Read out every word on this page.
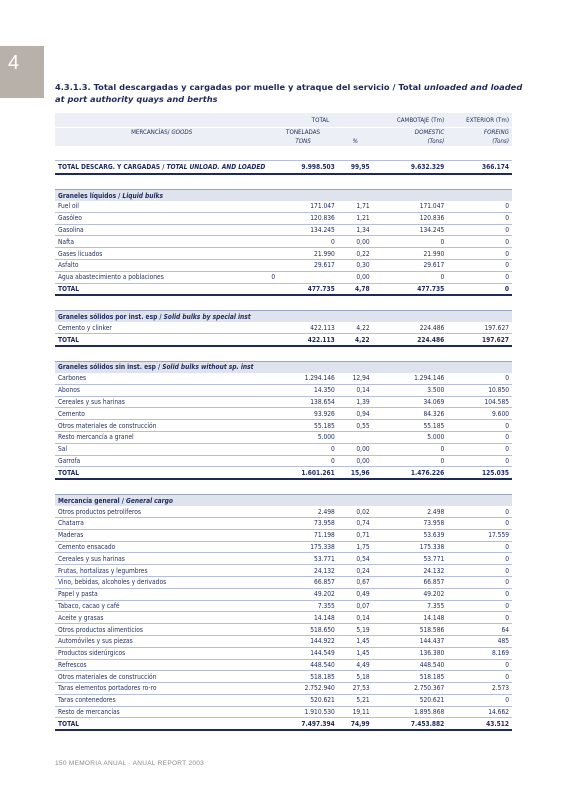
4

4.3.1.3. Total descargadas y cargadas por muelle y atraque del servicio / Total unloaded and loaded at port authority quays and berths

	TOTAL		CAMBOTAJE (Tm)	EXTERIOR (Tm)
MERCANCÍAS/ GOODS	TONELADAS		DOMESTIC	FOREING
	TONS	%	(Tons)	(Tons)

TOTAL DESCARG. Y CARGADAS / TOTAL UNLOAD. AND LOADED	9.998.503	99,95	9.632.329	366.174

Graneles líquidos / Liquid bulks				
Fuel oil	171.047	1,71	171.047	0
Gasóleo	120.836	1,21	120.836	0
Gasolina	134.245	1,34	134.245	0
Nafta	0	0,00	0	0
Gases licuados	21.990	0,22	21.990	0
Asfalto	29.617	0,30	29.617	0
Agua abastecimiento a poblaciones	0	0,00	0	0
TOTAL	477.735	4,78	477.735	0

Graneles sólidos por inst. esp / Solid bulks by special inst				
Cemento y clinker	422.113	4,22	224.486	197.627
TOTAL	422.113	4,22	224.486	197.627

Graneles sólidos sin inst. esp / Solid bulks without sp. inst				
Carbones	1.294.146	12,94	1.294.146	0
Abonos	14.350	0,14	3.500	10.850
Cereales y sus harinas	138.654	1,39	34.069	104.585
Cemento	93.926	0,94	84.326	9.600
Otros materiales de construcción	55.185	0,55	55.185	0
Resto mercancía a granel	5.000		5.000	0
Sal	0	0,00	0	0
Garrofa	0	0,00	0	0
TOTAL	1.601.261	15,96	1.476.226	125.035

Mercancía general / General cargo				
Otros productos petrolíferos	2.498	0,02	2.498	0
Chatarra	73.958	0,74	73.958	0
Maderas	71.198	0,71	53.639	17.559
Cemento ensacado	175.338	1,75	175.338	0
Cereales y sus harinas	53.771	0,54	53.771	0
Frutas, hortalizas y legumbres	24.132	0,24	24.132	0
Vino, bebidas, alcoholes y derivados	66.857	0,67	66.857	0
Papel y pasta	49.202	0,49	49.202	0
Tabaco, cacao y café	7.355	0,07	7.355	0
Aceite y grasas	14.148	0,14	14.148	0
Otros productos alimenticios	518.650	5,19	518.586	64
Automóviles y sus piezas	144.922	1,45	144.437	485
Productos siderúrgicos	144.549	1,45	136.380	8.169
Refrescos	448.540	4,49	448.540	0
Otros materiales de construcción	518.185	5,18	518.185	0
Taras elementos portadores ro-ro	2.752.940	27,53	2.750.367	2.573
Taras contenedores	520.621	5,21	520.621	0
Resto de mercancías	1.910.530	19,11	1.895.868	14.662
TOTAL	7.497.394	74,99	7.453.882	43.512
150 MEMORIA ANUAL · ANUAL REPORT 2003
